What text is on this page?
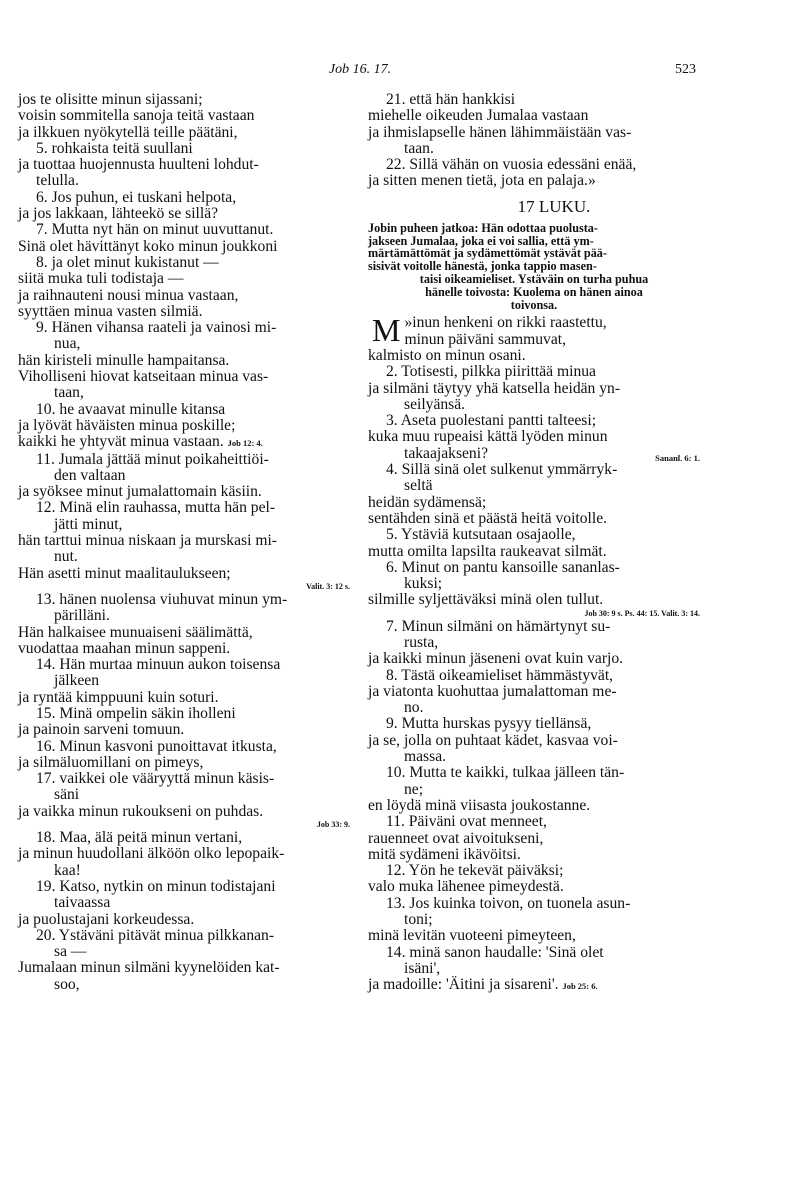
Job 16. 17.	523
jos te olisitte minun sijassani;
voisin sommitella sanoja teitä vastaan
ja ilkkuen nyökytellä teille päätäni,
5. rohkaista teitä suullani
ja tuottaa huojennusta huulteni lohdut-
telulla.
6. Jos puhun, ei tuskani helpota,
ja jos lakkaan, lähteekö se sillä?
7. Mutta nyt hän on minut uuvuttanut.
Sinä olet hävittänyt koko minun joukkoni
8. ja olet minut kukistanut —
siitä muka tuli todistaja —
ja raihnauteni nousi minua vastaan,
syyttäen minua vasten silmiä.
9. Hänen vihansa raateli ja vainosi mi-
nua,
hän kiristeli minulle hampaitansa.
Viholliseni hiovat katseitaan minua vas-
taan,
10. he avaavat minulle kitansa
ja lyövät häväisten minua poskille;
kaikki he yhtyvät minua vastaan. Job 12: 4.
11. Jumala jättää minut poikaheittiöi-
den valtaan
ja syöksee minut jumalattomain käsiin.
12. Minä elin rauhassa, mutta hän pel-
jätti minut,
hän tarttui minua niskaan ja murskasi mi-
nut.
Hän asetti minut maalitaulukseen;
Valit. 3: 12 s.
13. hänen nuolensa viuhuvat minun ym-
pärilläni.
Hän halkaisee munuaiseni säälimättä,
vuodattaa maahan minun sappeni.
14. Hän murtaa minuun aukon toisensa
jälkeen
ja ryntää kimppuuni kuin soturi.
15. Minä ompelin säkin iholleni
ja painoin sarveni tomuun.
16. Minun kasvoni punoittavat itkusta,
ja silmäluomillani on pimeys,
17. vaikkei ole vääryyttä minun käsis-
säni
ja vaikka minun rukoukseni on puhdas.
Job 33: 9.
18. Maa, älä peitä minun vertani,
ja minun huudollani älköön olko lepopaik-
kaa!
19. Katso, nytkin on minun todistajani
taivaassa
ja puolustajani korkeudessa.
20. Ystäväni pitävät minua pilkkanan-
sa —
Jumalaan minun silmäni kyynelöiden kat-
soo,
21. että hän hankkisi
miehelle oikeuden Jumalaa vastaan
ja ihmislapselle hänen lähimmäistään vas-
taan.
22. Sillä vähän on vuosia edessäni enää,
ja sitten menen tietä, jota en palaja.»
17 LUKU.
Jobin puheen jatkoa: Hän odottaa puolusta-
jakseen Jumalaa, joka ei voi sallia, että ym-
märtämättömät ja sydämettömät ystävät pää-
sisivät voitolle hänestä, jonka tappio masen-
taisi oikeamieliset. Ystäväin on turha puhua
hänelle toivosta: Kuolema on hänen ainoa
toivonsa.
»
M inun henkeni on rikki raastettu,
minun päiväni sammuvat,
kalmisto on minun osani.
2. Totisesti, pilkka piirittää minua
ja silmäni täytyy yhä katsella heidän yn-
seilyänsä.
3. Aseta puolestani pantti talteesi;
kuka muu rupeaisi kättä lyöden minun
takaajakseni?	Sananl. 6: 1.
4. Sillä sinä olet sulkenut ymmärryk-
seltä
heidän sydämensä;
sentähden sinä et päästä heitä voitolle.
5. Ystäviä kutsutaan osajaolle,
mutta omilta lapsilta raukeavat silmät.
6. Minut on pantu kansoille sananlas-
kuksi;
silmille syljettäväksi minä olen tullut.
Job 30: 9 s. Ps. 44: 15. Valit. 3: 14.
7. Minun silmäni on hämärtynyt su-
rusta,
ja kaikki minun jäseneni ovat kuin varjo.
8. Tästä oikeamieliset hämmästyvät,
ja viatonta kuohuttaa jumalattoman me-
no.
9. Mutta hurskas pysyy tiellänsä,
ja se, jolla on puhtaat kädet, kasvaa voi-
massa.
10. Mutta te kaikki, tulkaa jälleen tän-
ne;
en löydä minä viisasta joukostanne.
11. Päiväni ovat menneet,
rauenneet ovat aivoitukseni,
mitä sydämeni ikävöitsi.
12. Yön he tekevät päiväksi;
valo muka lähenee pimeydestä.
13. Jos kuinka toivon, on tuonela asun-
toni;
minä levitän vuoteeni pimeyteen,
14. minä sanon haudalle: 'Sinä olet
isäni',
ja madoille: 'Äitini ja sisareni'. Job 25: 6.
